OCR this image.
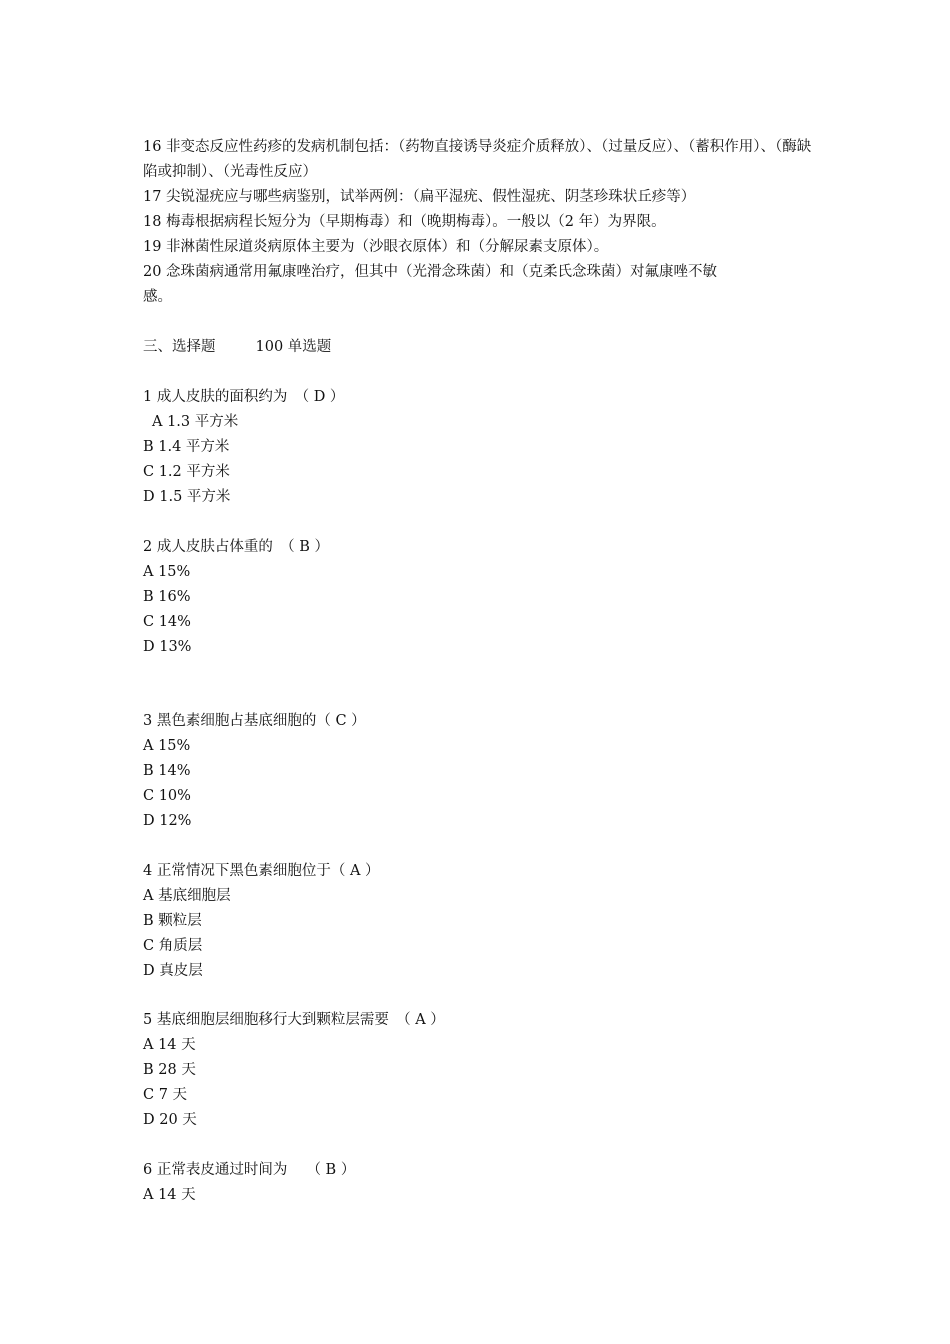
16 非变态反应性药疹的发病机制包括：（药物直接诱导炎症介质释放）、（过量反应）、（蓄积作用）、（酶缺
陷或抑制）、（光毒性反应）
17 尖锐湿疣应与哪些病鉴别，试举两例：（扁平湿疣、假性湿疣、阴茎珍珠状丘疹等）
18 梅毒根据病程长短分为（早期梅毒）和（晚期梅毒）。一般以（2 年）为界限。
19 非淋菌性尿道炎病原体主要为（沙眼衣原体）和（分解尿素支原体）。
20 念珠菌病通常用氟康唑治疗，但其中（光滑念珠菌）和（克柔氏念珠菌）对氟康唑不敏
感。
三、选择题	100 单选题
1 成人皮肤的面积约为　（ D ）
A 1.3 平方米
B 1.4 平方米
C 1.2 平方米
D 1.5 平方米
2 成人皮肤占体重的　（ B ）
A 15%
B 16%
C 14%
D 13%
3 黑色素细胞占基底细胞的（ C ）
A 15%
B 14%
C 10%
D 12%
4 正常情况下黑色素细胞位于（ A ）
A 基底细胞层
B 颗粒层
C 角质层
D 真皮层
5 基底细胞层细胞移行大到颗粒层需要　（ A ）
A 14 天
B 28 天
C 7 天
D 20 天
6 正常表皮通过时间为　 （ B ）
A 14 天
